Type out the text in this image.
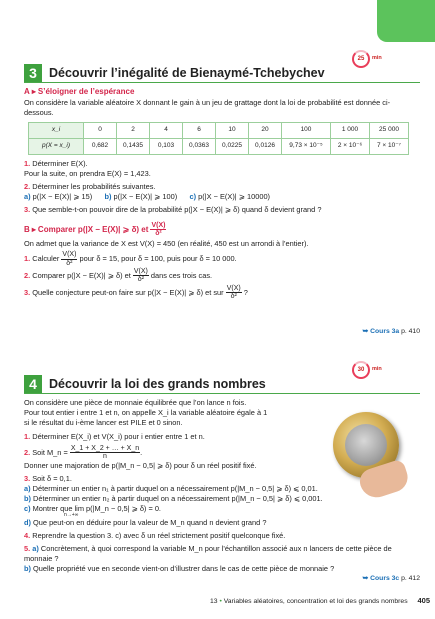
25 min
3 Découvrir l’inégalité de Bienaymé-Tchebychev

A ▸ S’éloigner de l’espérance

On considère la variable aléatoire X donnant le gain à un jeu de grattage dont la loi de probabilité est donnée ci-dessous.

x_i	0	2	4	6	10	20	100	1 000	25 000
p(X = x_i)	0,682	0,1435	0,103	0,0363	0,0225	0,0126	9,73 × 10⁻⁵	2 × 10⁻⁶	7 × 10⁻⁷

1. Déterminer E(X).

Pour la suite, on prendra E(X) = 1,423.

2. Déterminer les probabilités suivantes.

a) p(|X − E(X)| ⩾ 15) b) p(|X − E(X)| ⩾ 100) c) p(|X − E(X)| ⩾ 10000)

3. Que semble-t-on pouvoir dire de la probabilité p(|X − E(X)| ⩾ δ) quand δ devient grand ?

B ▸ Comparer p(|X − E(X)| ⩾ δ) et $\frac{V(X)}{\text{δ²}}$

On admet que la variance de X est V(X) = 450 (en réalité, 450 est un arrondi à l’entier).

1. Calculer $\frac{V(X)}{\text{δ²}}$ pour δ = 15, pour δ = 100, puis pour δ = 10 000.

2. Comparer p(|X − E(X)| ⩾ δ) et $\frac{V(X)}{\text{δ²}}$ dans ces trois cas.

3. Quelle conjecture peut-on faire sur p(|X − E(X)| ⩾ δ) et sur $\frac{V(X)}{\text{δ²}}$ ?

➥ Cours 3a p. 410
30 min
4 Découvrir la loi des grands nombres

On considère une pièce de monnaie équilibrée que l’on lance n fois.

Pour tout entier i entre 1 et n, on appelle X_i la variable aléatoire égale à 1

si le résultat du i-ème lancer est PILE et 0 sinon.

1. Déterminer E(X_i) et V(X_i) pour i entier entre 1 et n.

2. Soit M_n = $\frac{X\_1 + X\_2 + \dots + X\_n}{n}$ .

Donner une majoration de p(|M_n − 0,5| ⩾ δ) pour δ un réel positif fixé.

3. Soit δ = 0,1.

a) Déterminer un entier n₁ à partir duquel on a nécessairement p(|M_n − 0,5| ⩾ δ) ⩽ 0,01.

b) Déterminer un entier n₂ à partir duquel on a nécessairement p(|M_n − 0,5| ⩾ δ) ⩽ 0,001.

c) Montrer que lim p(|M_n − 0,5| ⩾ δ) = 0.

n→+∞

d) Que peut-on en déduire pour la valeur de M_n quand n devient grand ?

4. Reprendre la question 3. c) avec δ un réel strictement positif quelconque fixé.

5. a) Concrètement, à quoi correspond la variable M_n pour l’échantillon associé aux n lancers de cette pièce de monnaie ?

b) Quelle propriété vue en seconde vient-on d’illustrer dans le cas de cette pièce de monnaie ?

➥ Cours 3c p. 412
13 • Variables aléatoires, concentration et loi des grands nombres 405
